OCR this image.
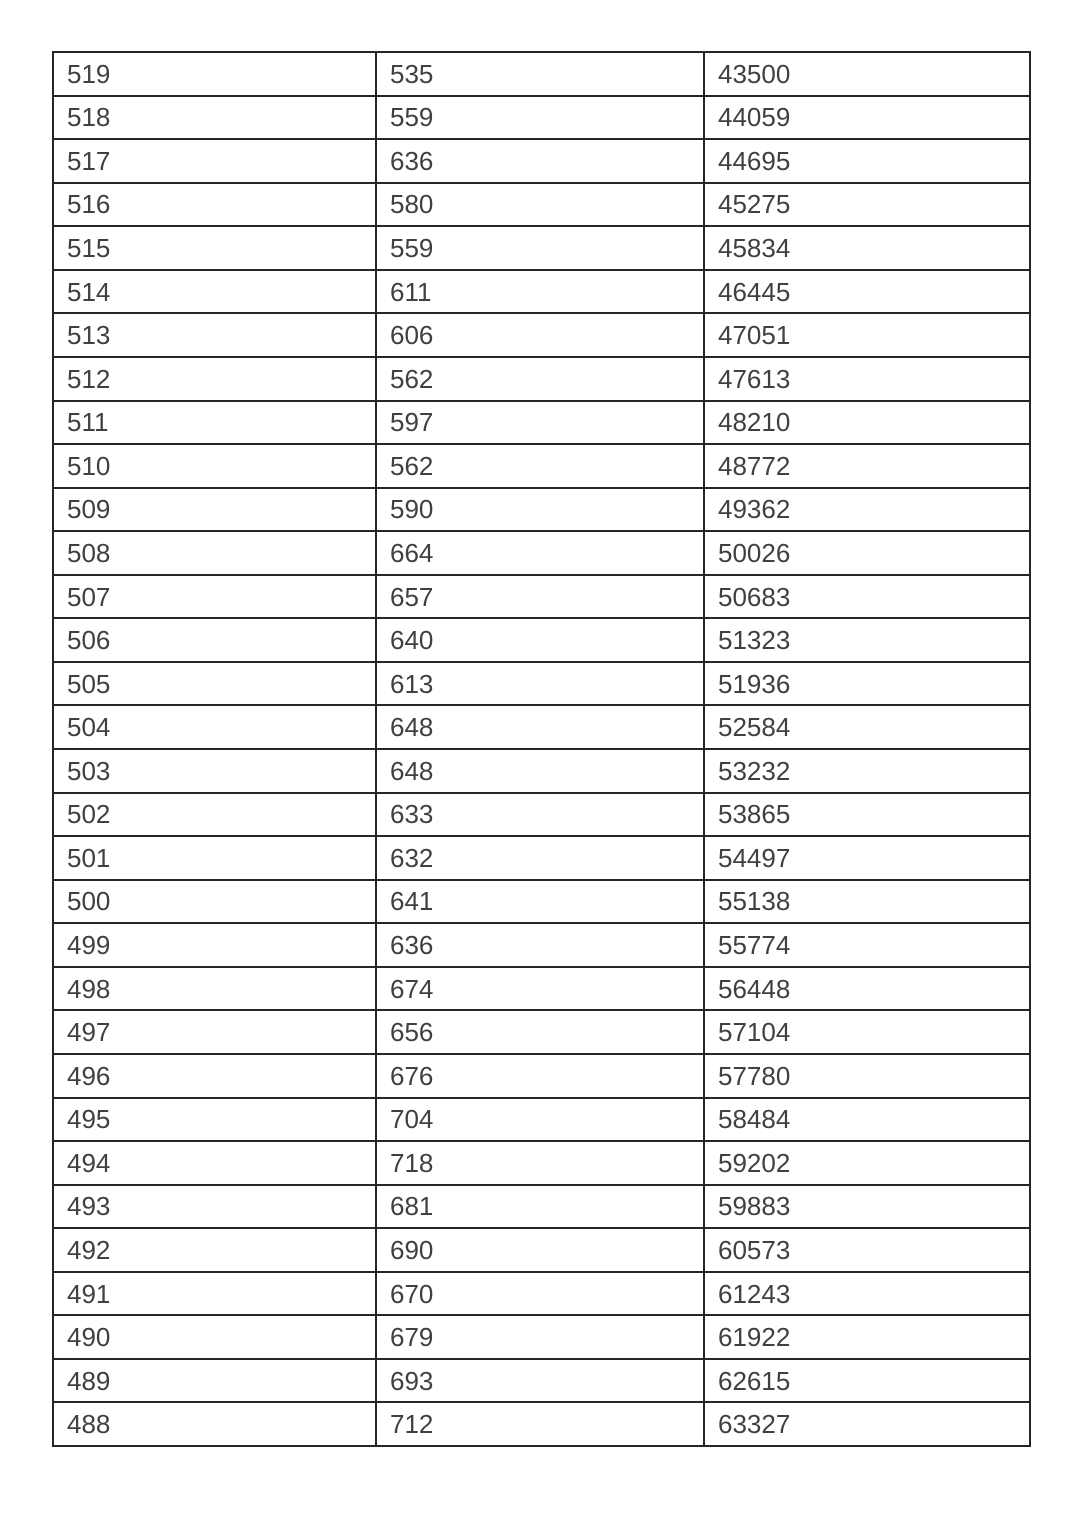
519	535	43500
518	559	44059
517	636	44695
516	580	45275
515	559	45834
514	611	46445
513	606	47051
512	562	47613
511	597	48210
510	562	48772
509	590	49362
508	664	50026
507	657	50683
506	640	51323
505	613	51936
504	648	52584
503	648	53232
502	633	53865
501	632	54497
500	641	55138
499	636	55774
498	674	56448
497	656	57104
496	676	57780
495	704	58484
494	718	59202
493	681	59883
492	690	60573
491	670	61243
490	679	61922
489	693	62615
488	712	63327
